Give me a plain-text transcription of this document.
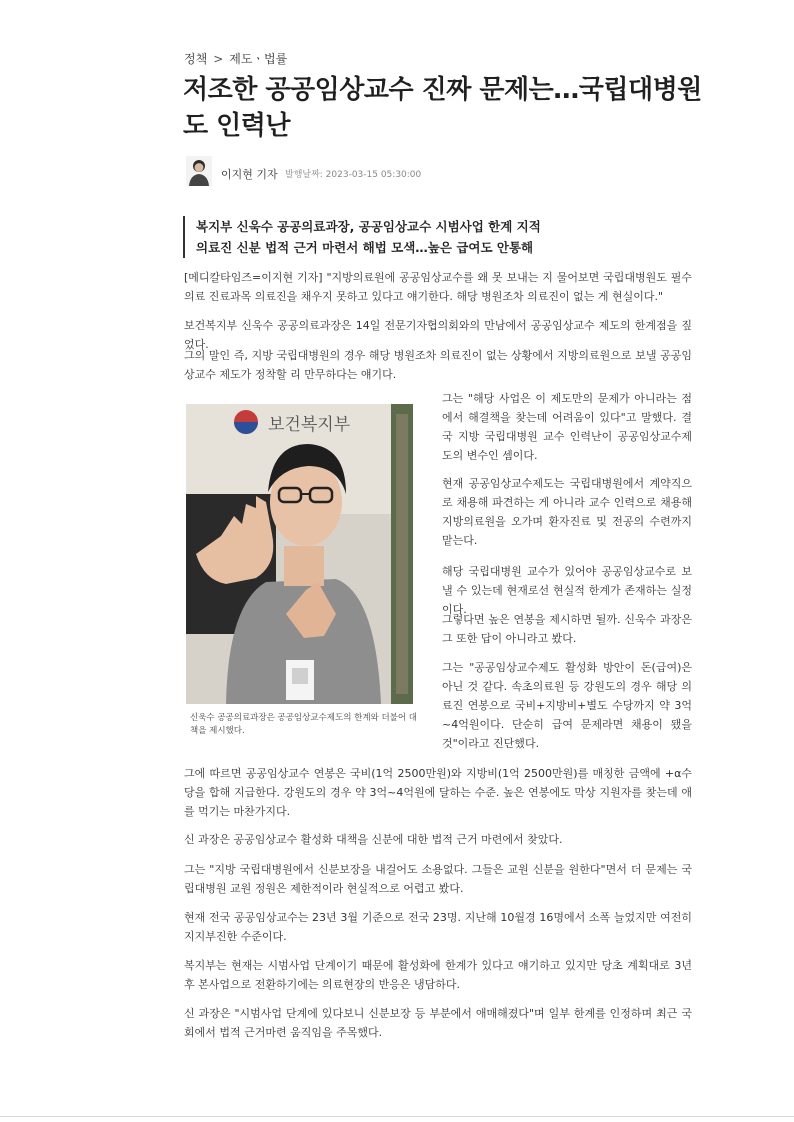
정책 > 제도ㆍ법률
저조한 공공임상교수 진짜 문제는…국립대병원도 인력난
이지현 기자 발행날짜: 2023-03-15 05:30:00
복지부 신욱수 공공의료과장, 공공임상교수 시범사업 한계 지적
의료진 신분 법적 근거 마련서 해법 모색…높은 급여도 안통해

[메디칼타임즈=이지현 기자] "지방의료원에 공공임상교수를 왜 못 보내는 지 물어보면 국립대병원도 필수의료 진료과목 의료진을 채우지 못하고 있다고 얘기한다. 해당 병원조차 의료진이 없는 게 현실이다."

보건복지부 신욱수 공공의료과장은 14일 전문기자협의회와의 만남에서 공공임상교수 제도의 한계점을 짚었다.

그의 말인 즉, 지방 국립대병원의 경우 해당 병원조차 의료진이 없는 상황에서 지방의료원으로 보낼 공공임상교수 제도가 정착할 리 만무하다는 얘기다.

보건복지부
신욱수 공공의료과장은 공공임상교수제도의 한계와 더불어 대책을 제시했다.

그는 "해당 사업은 이 제도만의 문제가 아니라는 점에서 해결책을 찾는데 어려움이 있다"고 말했다. 결국 지방 국립대병원 교수 인력난이 공공임상교수제도의 변수인 셈이다.

현재 공공임상교수제도는 국립대병원에서 계약직으로 채용해 파견하는 게 아니라 교수 인력으로 채용해 지방의료원을 오가며 환자진료 및 전공의 수련까지 맡는다.

해당 국립대병원 교수가 있어야 공공임상교수로 보낼 수 있는데 현재로선 현실적 한계가 존재하는 실정이다.

그렇다면 높은 연봉을 제시하면 될까. 신욱수 과장은 그 또한 답이 아니라고 봤다.

그는 "공공임상교수제도 활성화 방안이 돈(급여)은 아닌 것 같다. 속초의료원 등 강원도의 경우 해당 의료진 연봉으로 국비+지방비+별도 수당까지 약 3억~4억원이다. 단순히 급여 문제라면 채용이 됐을 것"이라고 진단했다.

그에 따르면 공공임상교수 연봉은 국비(1억 2500만원)와 지방비(1억 2500만원)를 매칭한 금액에 +α수당을 합해 지급한다. 강원도의 경우 약 3억~4억원에 달하는 수준. 높은 연봉에도 막상 지원자를 찾는데 애를 먹기는 마찬가지다.

신 과장은 공공임상교수 활성화 대책을 신분에 대한 법적 근거 마련에서 찾았다.

그는 "지방 국립대병원에서 신분보장을 내걸어도 소용없다. 그들은 교원 신분을 원한다"면서 더 문제는 국립대병원 교원 정원은 제한적이라 현실적으로 어렵고 봤다.

현재 전국 공공임상교수는 23년 3월 기준으로 전국 23명. 지난해 10월경 16명에서 소폭 늘었지만 여전히 지지부진한 수준이다.

복지부는 현재는 시범사업 단계이기 때문에 활성화에 한계가 있다고 얘기하고 있지만 당초 계획대로 3년 후 본사업으로 전환하기에는 의료현장의 반응은 냉담하다.

신 과장은 "시범사업 단계에 있다보니 신분보장 등 부분에서 애매해졌다"며 일부 한계를 인정하며 최근 국회에서 법적 근거마련 움직임을 주목했다.
